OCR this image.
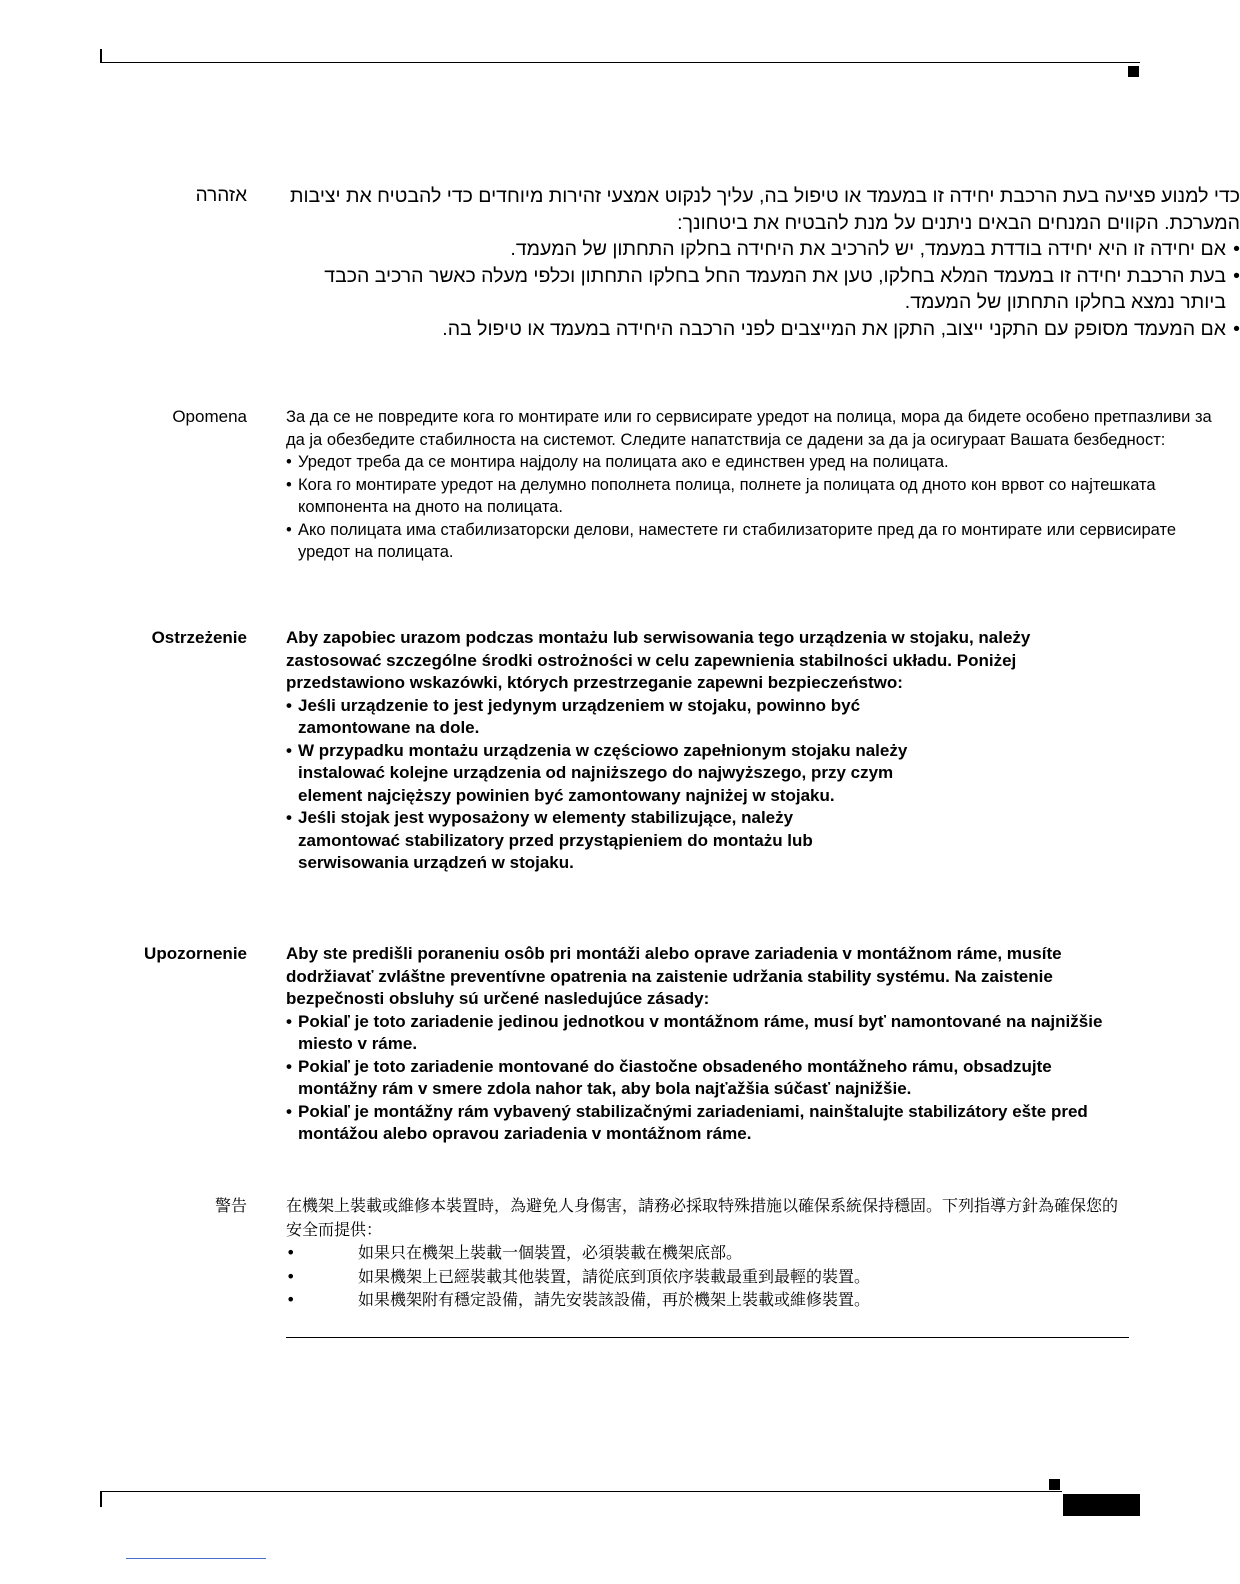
אזהרה כדי למנוע פציעה בעת הרכבת יחידה זו במעמד או טיפול בה, עליך לנקוט אמצעי זהירות מיוחדים כדי להבטיח את יציבות המערכת. הקווים המנחים הבאים ניתנים על מנת להבטיח את ביטחונך:

•
אם יחידה זו היא יחידה בודדת במעמד, יש להרכיב את היחידה בחלקו התחתון של המעמד.
•
בעת הרכבת יחידה זו במעמד המלא בחלקו, טען את המעמד החל בחלקו התחתון וכלפי מעלה כאשר הרכיב הכבד ביותר נמצא בחלקו התחתון של המעמד.
•
אם המעמד מסופק עם התקני ייצוב, התקן את המייצבים לפני הרכבה היחידה במעמד או טיפול בה.
Opomena За да се не повредите кога го монтирате или го сервисирате уредот на полица, мора да бидете особено претпазливи за да ја обезбедите стабилноста на системот. Следите напатствија се дадени за да ја осигураат Вашата безбедност:

• Уредот треба да се монтира најдолу на полицата ако е единствен уред на полицата.
• Кога го монтирате уредот на делумно пополнета полица, полнете ја полицата од дното кон врвот со најтешката компонента на дното на полицата.
• Ако полицата има стабилизаторски делови, наместете ги стабилизаторите пред да го монтирате или сервисирате уредот на полицата.
Ostrzeżenie Aby zapobiec urazom podczas montażu lub serwisowania tego urządzenia w stojaku, należy zastosować szczególne środki ostrożności w celu zapewnienia stabilności układu. Poniżej przedstawiono wskazówki, których przestrzeganie zapewni bezpieczeństwo:

• Jeśli urządzenie to jest jedynym urządzeniem w stojaku, powinno być zamontowane na dole.
• W przypadku montażu urządzenia w częściowo zapełnionym stojaku należy instalować kolejne urządzenia od najniższego do najwyższego, przy czym element najcięższy powinien być zamontowany najniżej w stojaku.
• Jeśli stojak jest wyposażony w elementy stabilizujące, należy zamontować stabilizatory przed przystąpieniem do montażu lub serwisowania urządzeń w stojaku.
Upozornenie Aby ste predišli poraneniu osôb pri montáži alebo oprave zariadenia v montážnom ráme, musíte dodržiavať zvláštne preventívne opatrenia na zaistenie udržania stability systému. Na zaistenie bezpečnosti obsluhy sú určené nasledujúce zásady:

• Pokiaľ je toto zariadenie jedinou jednotkou v montážnom ráme, musí byť namontované na najnižšie miesto v ráme.
• Pokiaľ je toto zariadenie montované do čiastočne obsadeného montážneho rámu, obsadzujte montážny rám v smere zdola nahor tak, aby bola najťažšia súčasť najnižšie.
• Pokiaľ je montážny rám vybavený stabilizačnými zariadeniami, nainštalujte stabilizátory ešte pred montážou alebo opravou zariadenia v montážnom ráme.
警告 在機架上裝載或維修本裝置時，為避免人身傷害，請務必採取特殊措施以確保系統保持穩固。下列指導方針為確保您的安全而提供：

•	如果只在機架上裝載一個裝置，必須裝載在機架底部。
•	如果機架上已經裝載其他裝置，請從底到頂依序裝載最重到最輕的裝置。
•	如果機架附有穩定設備，請先安裝該設備，再於機架上裝載或維修裝置。
